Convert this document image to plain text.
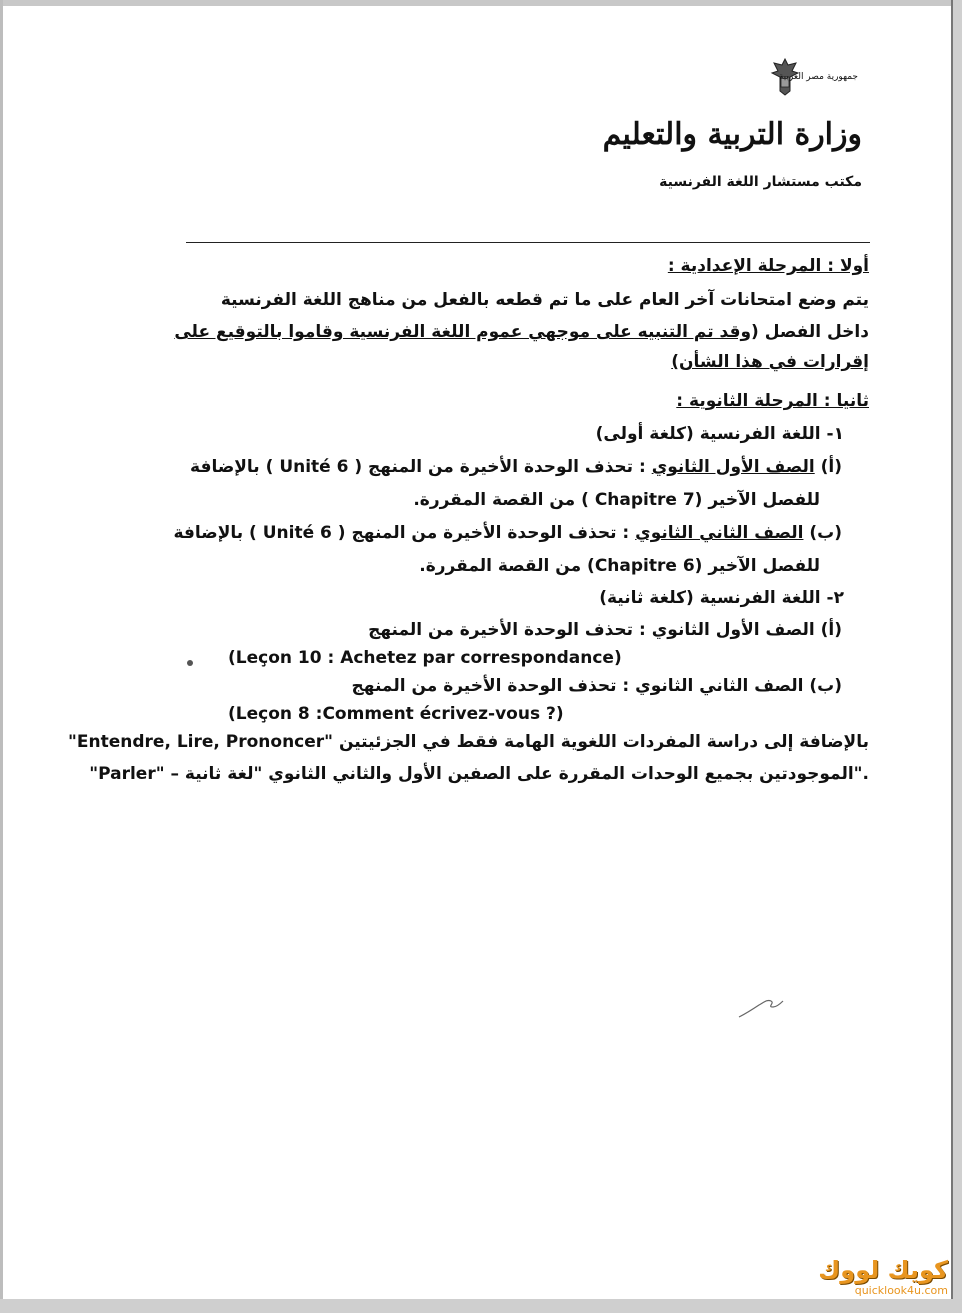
جمهورية مصر العربية
وزارة التربية والتعليم
مكتب مستشار اللغة الفرنسية
أولا : المرحلة الإعدادية :
يتم وضع امتحانات آخر العام على ما تم قطعه بالفعل من مناهج اللغة الفرنسية
داخل الفصل (وقد تم التنبيه على موجهي عموم اللغة الفرنسية وقاموا بالتوقيع على
إقرارات في هذا الشأن)
ثانيا : المرحلة الثانوية :
١- اللغة الفرنسية (كلغة أولى)
(أ) الصف الأول الثانوي : تحذف الوحدة الأخيرة من المنهج ( Unité 6 ) بالإضافة
للفصل الآخير (Chapitre 7 ) من القصة المقررة.
(ب) الصف الثاني الثانوي : تحذف الوحدة الأخيرة من المنهج ( Unité 6 ) بالإضافة
للفصل الآخير (Chapitre 6) من القصة المقررة.
٢- اللغة الفرنسية (كلغة ثانية)
(أ) الصف الأول الثانوي : تحذف الوحدة الأخيرة من المنهج
(Leçon 10 : Achetez par correspondance)
(ب) الصف الثاني الثانوي : تحذف الوحدة الأخيرة من المنهج
(Leçon 8 :Comment écrivez-vous ?)
بالإضافة إلى دراسة المفردات اللغوية الهامة فقط في الجزئيتين "Entendre, Lire, Prononcer"
"Parler" – الموجودتين بجميع الوحدات المقررة على الصفين الأول والثاني الثانوي "لغة ثانية".
كويك لووك
quicklook4u.com
